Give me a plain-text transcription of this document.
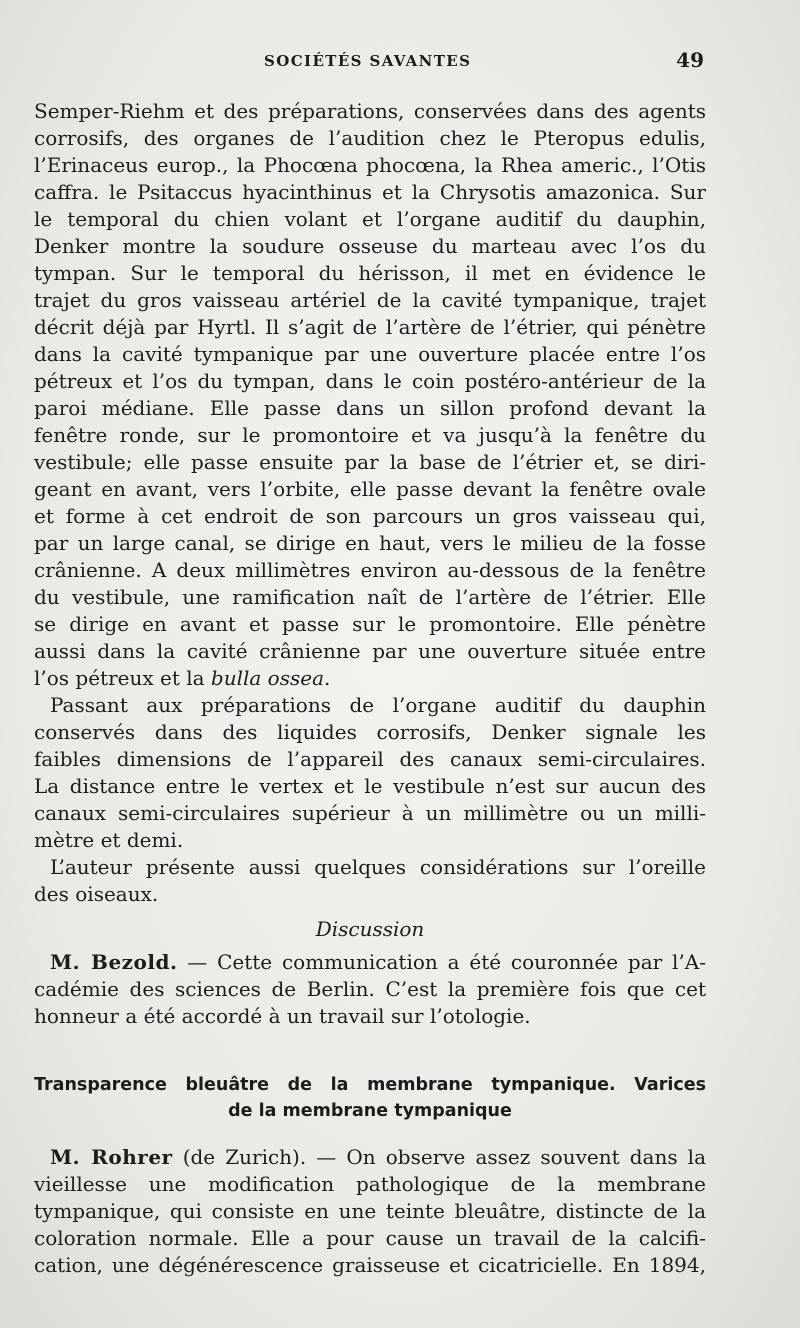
SOCIÉTÉS SAVANTES	49

Semper-Riehm et des préparations, conservées dans des agents

corrosifs, des organes de l’audition chez le Pteropus edulis,

l’Erinaceus europ., la Phocœna phocœna, la Rhea americ., l’Otis

caffra. le Psitaccus hyacinthinus et la Chrysotis amazonica. Sur

le temporal du chien volant et l’organe auditif du dauphin,

Denker montre la soudure osseuse du marteau avec l’os du

tympan. Sur le temporal du hérisson, il met en évidence le

trajet du gros vaisseau artériel de la cavité tympanique, trajet

décrit déjà par Hyrtl. Il s’agit de l’artère de l’étrier, qui pénètre

dans la cavité tympanique par une ouverture placée entre l’os

pétreux et l’os du tympan, dans le coin postéro-antérieur de la

paroi médiane. Elle passe dans un sillon profond devant la

fenêtre ronde, sur le promontoire et va jusqu’à la fenêtre du

vestibule; elle passe ensuite par la base de l’étrier et, se diri-

geant en avant, vers l’orbite, elle passe devant la fenêtre ovale

et forme à cet endroit de son parcours un gros vaisseau qui,

par un large canal, se dirige en haut, vers le milieu de la fosse

crânienne. A deux millimètres environ au-dessous de la fenêtre

du vestibule, une ramification naît de l’artère de l’étrier. Elle

se dirige en avant et passe sur le promontoire. Elle pénètre

aussi dans la cavité crânienne par une ouverture située entre

l’os pétreux et la bulla ossea.

Passant aux préparations de l’organe auditif du dauphin

conservés dans des liquides corrosifs, Denker signale les

faibles dimensions de l’appareil des canaux semi-circulaires.

La distance entre le vertex et le vestibule n’est sur aucun des

canaux semi-circulaires supérieur à un millimètre ou un milli-

mètre et demi.

L’auteur présente aussi quelques considérations sur l’oreille

des oiseaux.

Discussion

M. Bezold. — Cette communication a été couronnée par l’A-

cadémie des sciences de Berlin. C’est la première fois que cet

honneur a été accordé à un travail sur l’otologie.

Transparence bleuâtre de la membrane tympanique. Varices
de la membrane tympanique

M. Rohrer (de Zurich). — On observe assez souvent dans la

vieillesse une modification pathologique de la membrane

tympanique, qui consiste en une teinte bleuâtre, distincte de la

coloration normale. Elle a pour cause un travail de la calcifi-

cation, une dégénérescence graisseuse et cicatricielle. En 1894,
